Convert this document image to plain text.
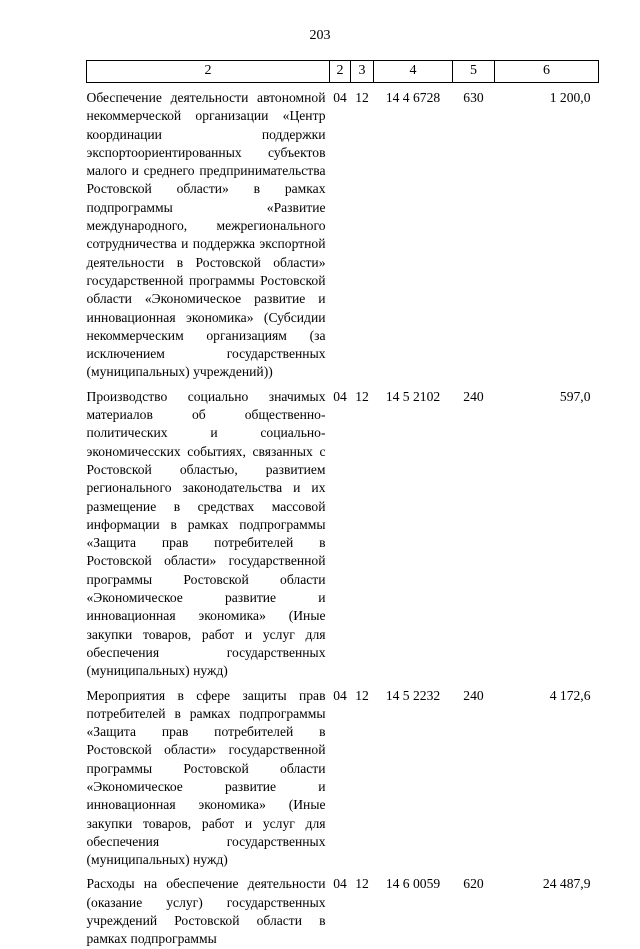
203
2	2	3	4	5	6

Обеспечение деятельности автономной некоммерческой организации «Центр координации поддержки экспортоориентированных субъектов малого и среднего предпринимательства Ростовской области» в рамках подпрограммы «Развитие международного, межрегионального сотрудничества и поддержка экспортной деятельности в Ростовской области» государственной программы Ростовской области «Экономическое развитие и инновационная экономика» (Субсидии некоммерческим организациям (за исключением государственных (муниципальных) учреждений))	04	12	14 4 6728	630	1 200,0

Производство социально значимых материалов об общественно-политических и социально-экономичесских событиях, связанных с Ростовской областью, развитием регионального законодательства и их размещение в средствах массовой информации в рамках подпрограммы «Защита прав потребителей в Ростовской области» государственной программы Ростовской области «Экономическое развитие и инновационная экономика» (Иные закупки товаров, работ и услуг для обеспечения государственных (муниципальных) нужд)	04	12	14 5 2102	240	597,0

Мероприятия в сфере защиты прав потребителей в рамках подпрограммы «Защита прав потребителей в Ростовской области» государственной программы Ростовской области «Экономическое развитие и инновационная экономика» (Иные закупки товаров, работ и услуг для обеспечения государственных (муниципальных) нужд)	04	12	14 5 2232	240	4 172,6

Расходы на обеспечение деятельности (оказание услуг) государственных учреждений Ростовской области в рамках подпрограммы	04	12	14 6 0059	620	24 487,9
